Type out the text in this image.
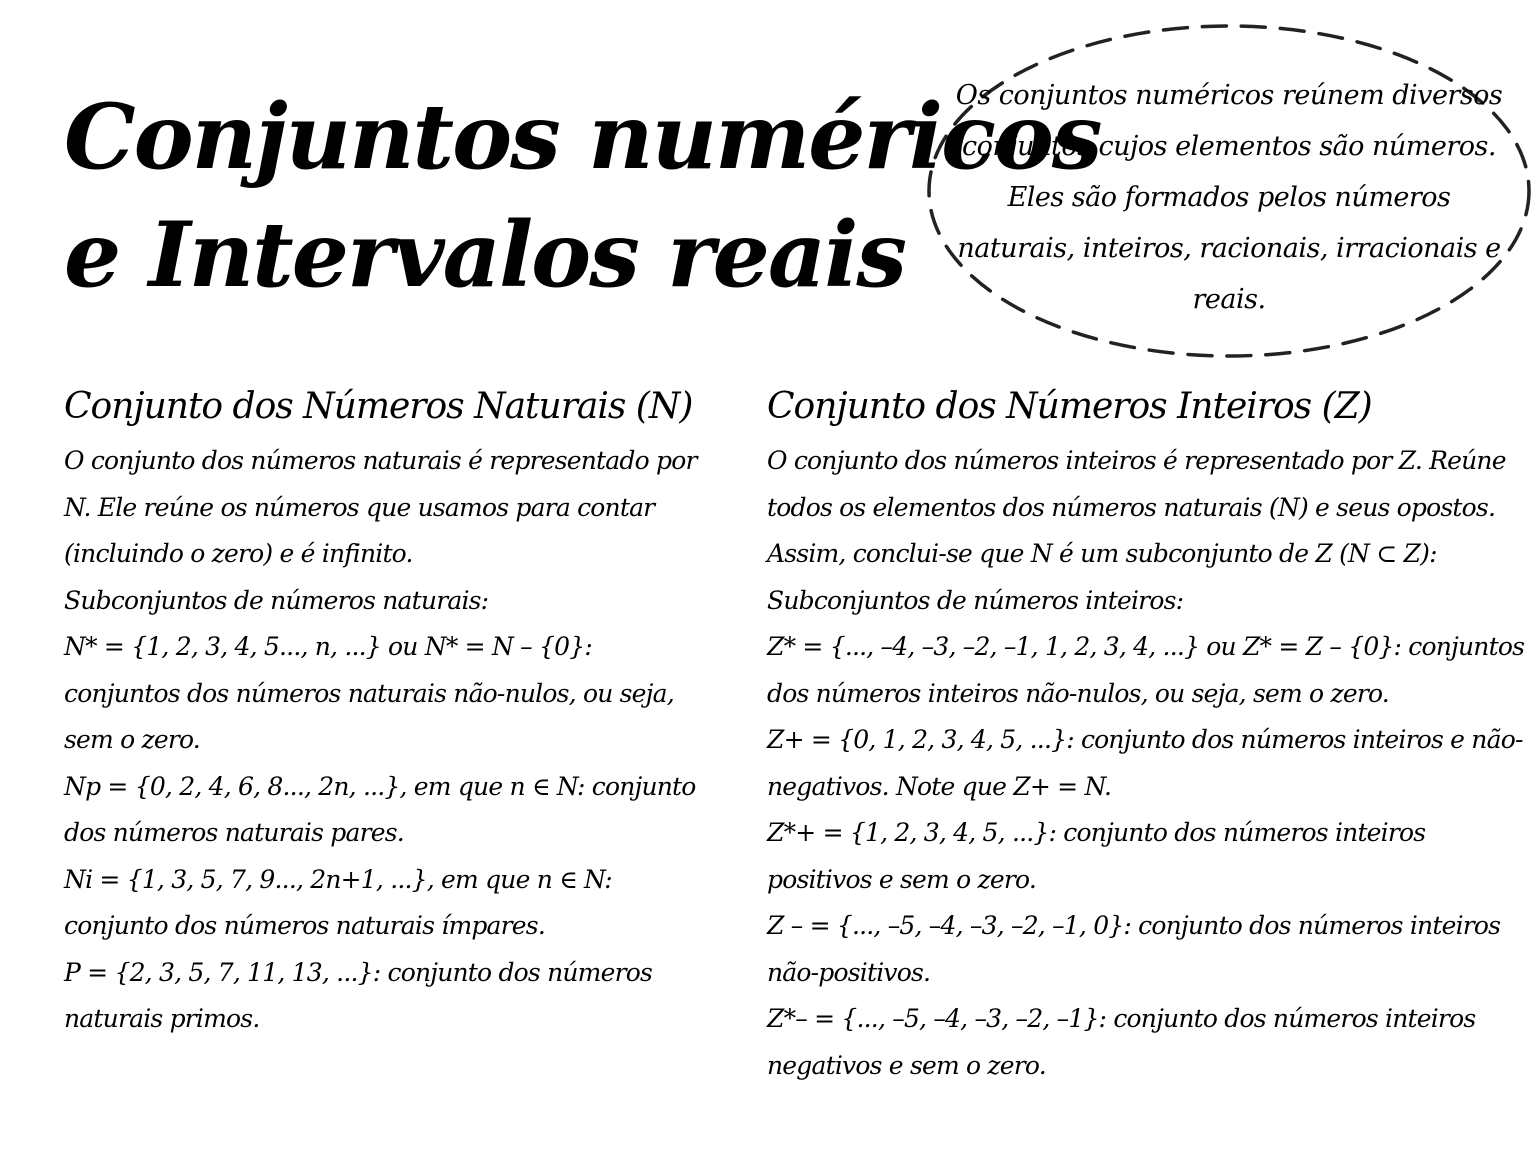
Conjuntos numéricos
e Intervalos reais

Os conjuntos numéricos reúnem diversos conjuntos cujos elementos são números. Eles são formados pelos números naturais, inteiros, racionais, irracionais e reais.

Conjunto dos Números Naturais (N)

O conjunto dos números naturais é representado por N. Ele reúne os números que usamos para contar (incluindo o zero) e é infinito.

Subconjuntos de números naturais:

N* = {1, 2, 3, 4, 5..., n, ...} ou N* = N – {0}: conjuntos dos números naturais não-nulos, ou seja, sem o zero.

Np = {0, 2, 4, 6, 8..., 2n, ...}, em que n ∈ N: conjunto dos números naturais pares.

Ni = {1, 3, 5, 7, 9..., 2n+1, ...}, em que n ∈ N: conjunto dos números naturais ímpares.

P = {2, 3, 5, 7, 11, 13, ...}: conjunto dos números naturais primos.

Conjunto dos Números Inteiros (Z)

O conjunto dos números inteiros é representado por Z. Reúne todos os elementos dos números naturais (N) e seus opostos. Assim, conclui-se que N é um subconjunto de Z (N ⊂ Z):

Subconjuntos de números inteiros:

Z* = {..., –4, –3, –2, –1, 1, 2, 3, 4, ...} ou Z* = Z – {0}: conjuntos dos números inteiros não-nulos, ou seja, sem o zero.

Z+ = {0, 1, 2, 3, 4, 5, ...}: conjunto dos números inteiros e não-negativos. Note que Z+ = N.

Z*+ = {1, 2, 3, 4, 5, ...}: conjunto dos números inteiros positivos e sem o zero.

Z – = {..., –5, –4, –3, –2, –1, 0}: conjunto dos números inteiros não-positivos.

Z*– = {..., –5, –4, –3, –2, –1}: conjunto dos números inteiros negativos e sem o zero.
